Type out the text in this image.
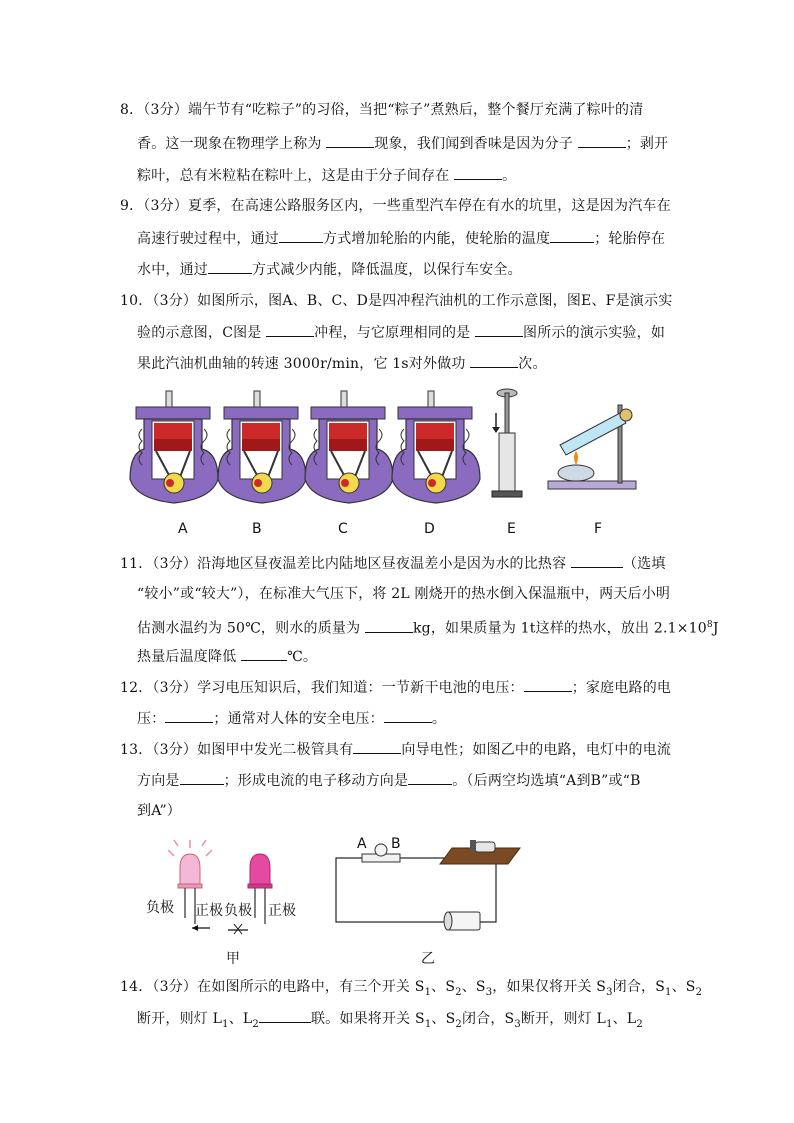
8．（3分）端午节有“吃粽子”的习俗，当把“粽子”煮熟后，整个餐厅充满了粽叶的清
香。这一现象在物理学上称为	现象，我们闻到香味是因为分子	；剥开
粽叶，总有米粒粘在粽叶上，这是由于分子间存在	。
9．（3分）夏季，在高速公路服务区内，一些重型汽车停在有水的坑里，这是因为汽车在
高速行驶过程中，通过	方式增加轮胎的内能，使轮胎的温度	；轮胎停在
水中，通过	方式减少内能，降低温度，以保行车安全。
10．（3分）如图所示，图A、B、C、D是四冲程汽油机的工作示意图，图E、F是演示实
验的示意图，C图是	冲程，与它原理相同的是	图所示的演示实验，如
果此汽油机曲轴的转速 3000r/min，它 1s对外做功	次。
A	B	C	D	E	F
11．（3分）沿海地区昼夜温差比内陆地区昼夜温差小是因为水的比热容	（选填
“较小”或“较大”），在标准大气压下，将 2L 刚烧开的热水倒入保温瓶中，两天后小明
估测水温约为 50℃，则水的质量为	kg，如果质量为 1t这样的热水，放出 $2.1\times 10^8J$
热量后温度降低	℃。
12．（3分）学习电压知识后，我们知道：一节新干电池的电压：	；家庭电路的电
压：	；通常对人体的安全电压：	。
13．（3分）如图甲中发光二极管具有	向导电性；如图乙中的电路，电灯中的电流
方向是	；形成电流的电子移动方向是	。（后两空均选填“A到B”或“B
到A”）
负极 正极 负极 正极
甲
A B
乙
14．（3分）在如图所示的电路中，有三个开关 $S_1$、$S_2$、$S_3$，如果仅将开关 $S_3$闭合，$S_1$、$S_2$
断开，则灯 $L_1$、$L_2$	联。如果将开关 $S_1$、$S_2$闭合，$S_3$断开，则灯 $L_1$、$L_2$
